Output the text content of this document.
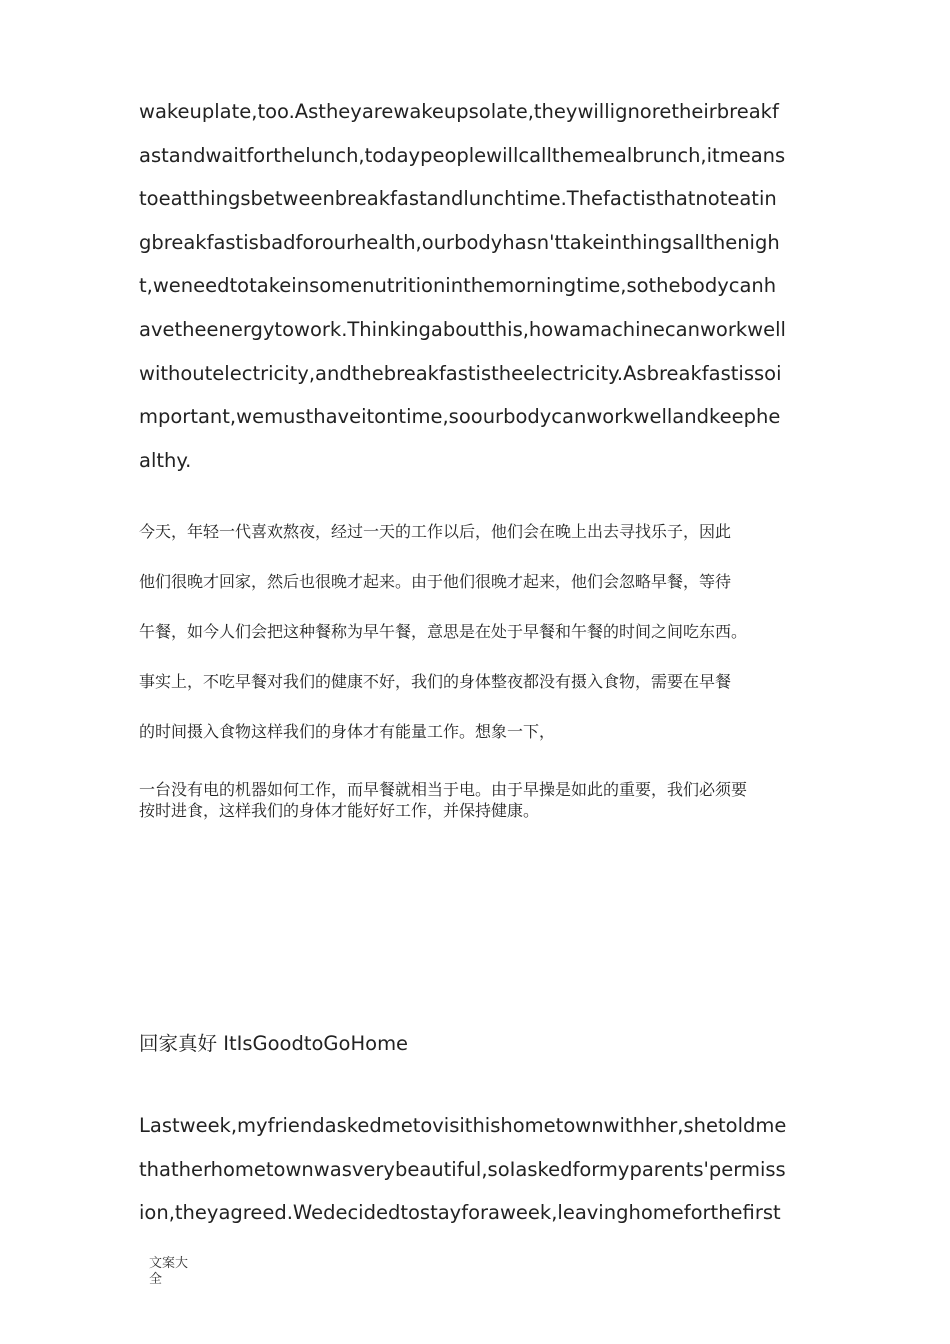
wakeuplate,too.Astheyarewakeupsolate,theywillignoretheirbreakf
astandwaitforthelunch,todaypeoplewillcallthemealbrunch,itmeans
toeatthingsbetweenbreakfastandlunchtime.Thefactisthatnoteatin
gbreakfastisbadforourhealth,ourbodyhasn'ttakeinthingsallthenigh
t,weneedtotakeinsomenutritioninthemorningtime,sothebodycanh
avetheenergytowork.Thinkingaboutthis,howamachinecanworkwell
withoutelectricity,andthebreakfastistheelectricity.Asbreakfastissoi
mportant,wemusthaveitontime,soourbodycanworkwellandkeephe
althy.
今天，年轻一代喜欢熬夜，经过一天的工作以后，他们会在晚上出去寻找乐子，因此
他们很晚才回家，然后也很晚才起来。由于他们很晚才起来，他们会忽略早餐，等待
午餐，如今人们会把这种餐称为早午餐，意思是在处于早餐和午餐的时间之间吃东西。
事实上，不吃早餐对我们的健康不好，我们的身体整夜都没有摄入食物，需要在早餐
的时间摄入食物这样我们的身体才有能量工作。想象一下，
一台没有电的机器如何工作，而早餐就相当于电。由于早操是如此的重要，我们必须要
按时进食，这样我们的身体才能好好工作，并保持健康。
回家真好 ItIsGoodtoGoHome
Lastweek,myfriendaskedmetovisithishometownwithher,shetoldme
thatherhometownwasverybeautiful,soIaskedformyparents'permiss
ion,theyagreed.Wedecidedtostayforaweek,leavinghomeforthefirst
文案大
全
